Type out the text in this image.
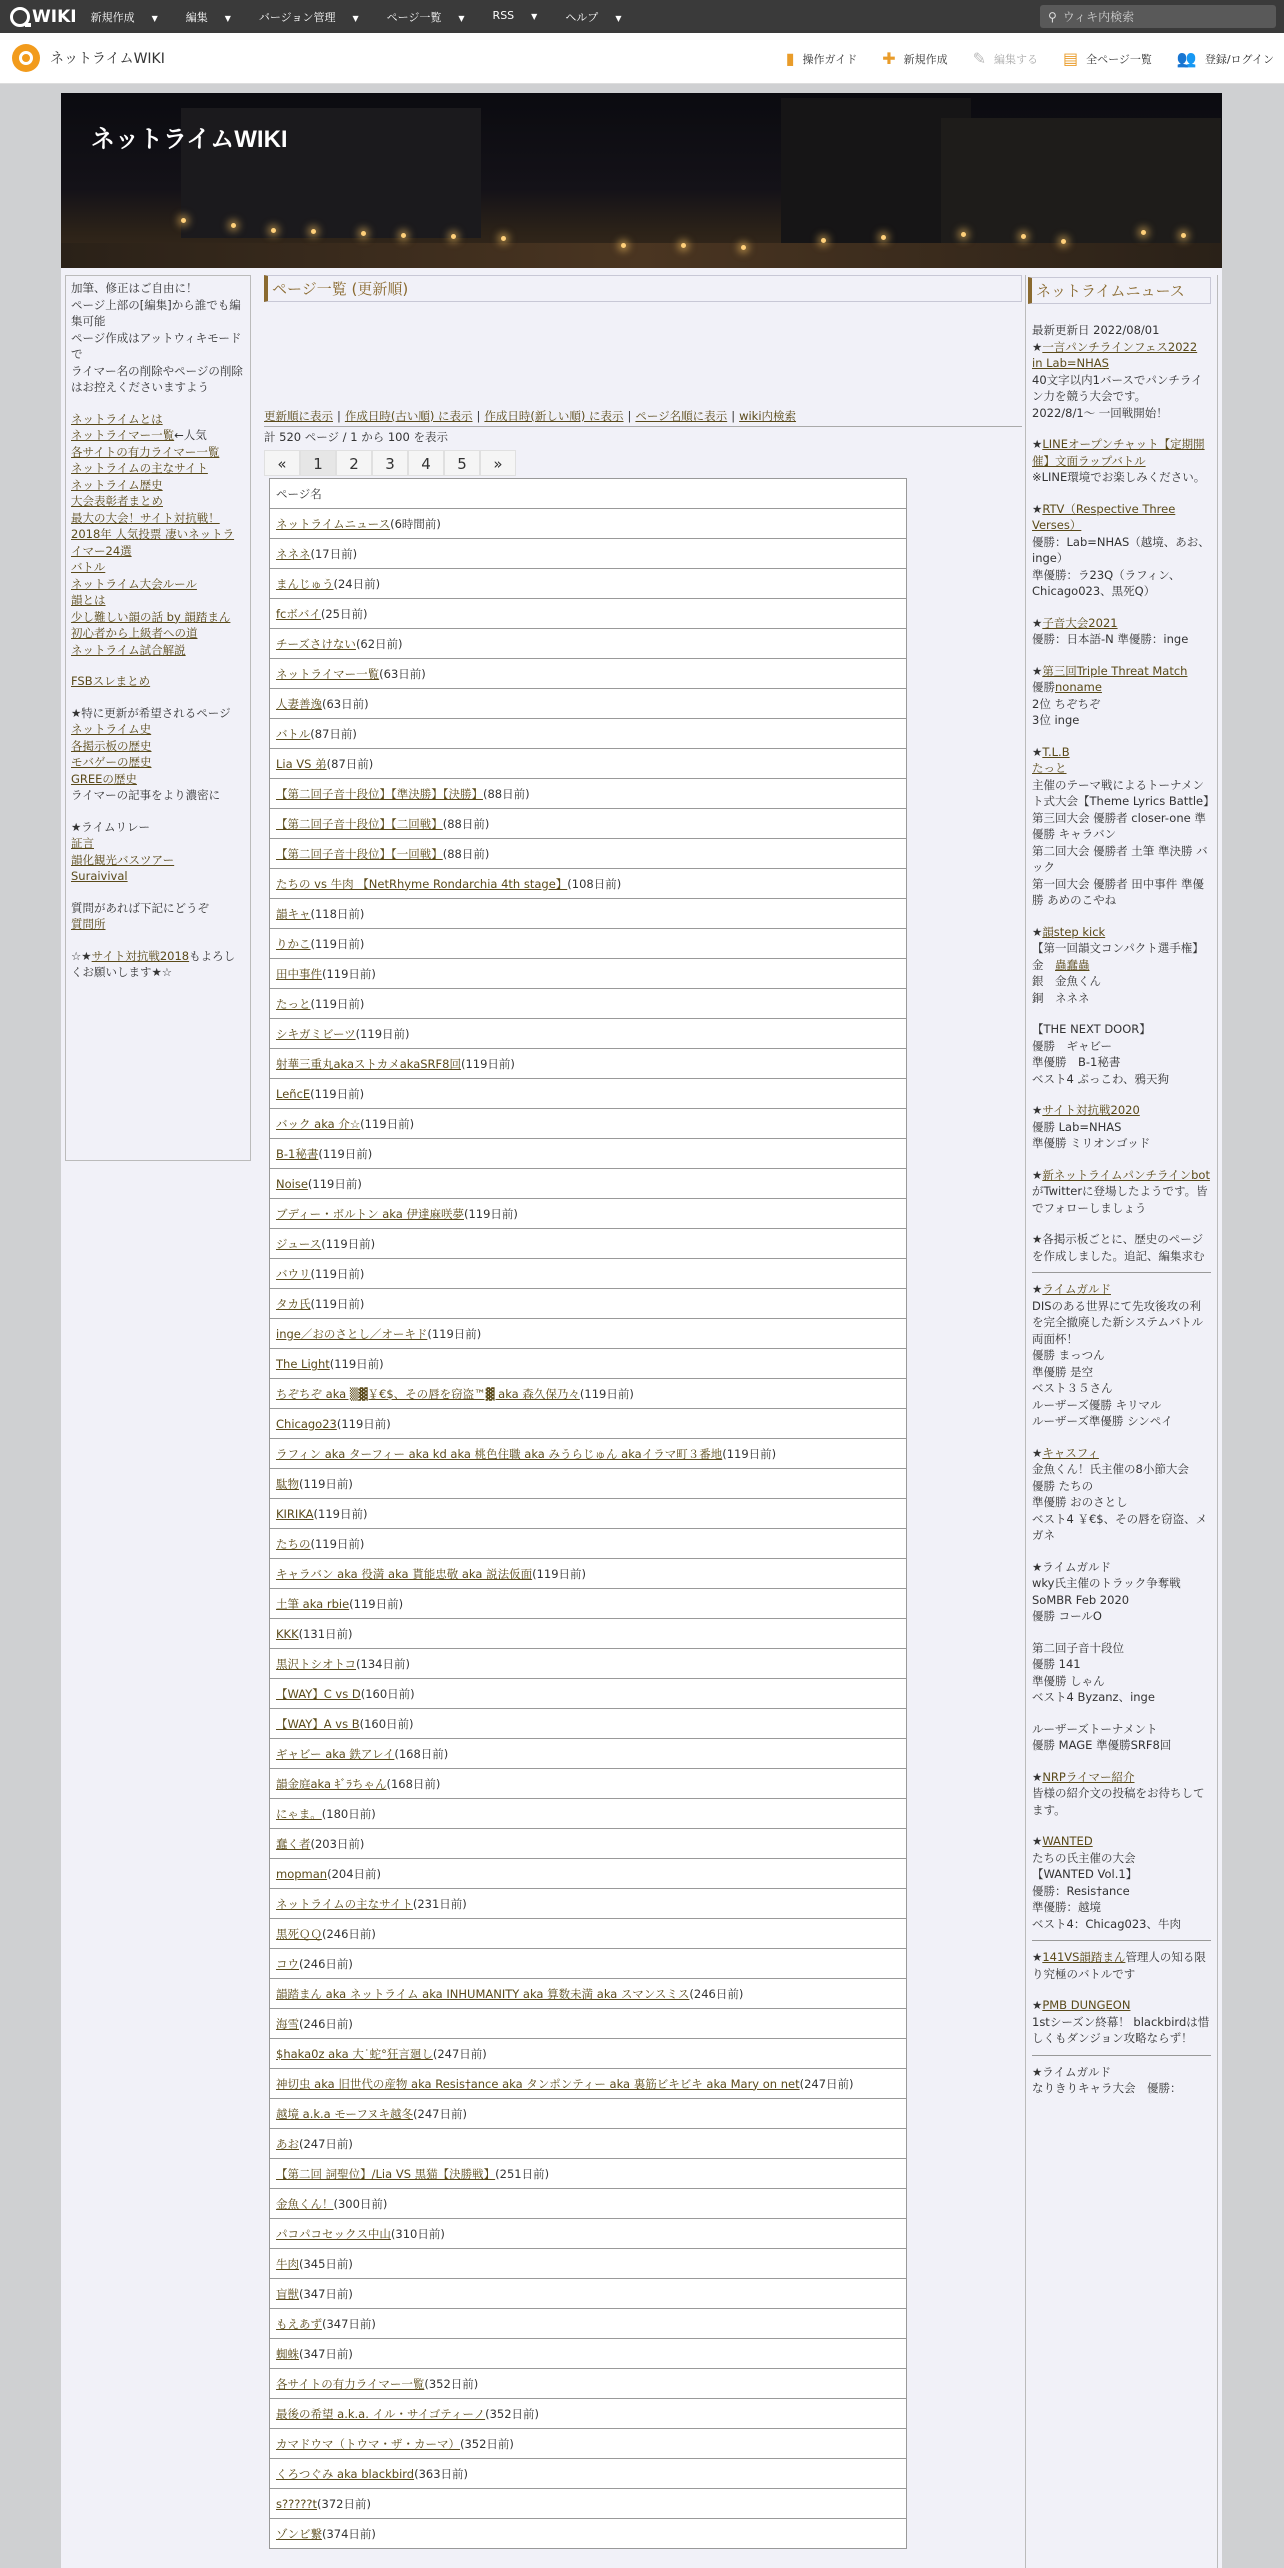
WIKI 新規作成 ▼	編集 ▼	バージョン管理 ▼	ページ一覧 ▼	RSS ▼	ヘルプ ▼	⚲
ウィキ内検索
ネットライムWIKI	▮ 操作ガイド ✚ 新規作成 ✎ 編集する ▤ 全ページ一覧 👥 登録/ログイン
ネットライムWIKI

加筆、修正はご自由に！

ページ上部の[編集]から誰でも編集可能

ページ作成はアットウィキモードで

ライマー名の削除やページの削除はお控えくださいますよう

ネットライムとは

ネットライマー一覧←人気

各サイトの有力ライマー一覧

ネットライムの主なサイト

ネットライム歴史

大会表彰者まとめ

最大の大会！サイト対抗戦！

2018年 人気投票 凄いネットライマー24選

バトル

ネットライム大会ルール

韻とは

少し難しい韻の話 by 韻踏まん

初心者から上級者への道

ネットライム試合解説

FSBスレまとめ

★特に更新が希望されるページ

ネットライム史

各掲示板の歴史

モバゲーの歴史

GREEの歴史

ライマーの記事をより濃密に

★ライムリレー

証言

韻化観光バスツアー

Suraivival

質問があれば下記にどうぞ

質問所

☆★サイト対抗戦2018もよろしくお願いします★☆

ページ一覧 (更新順)
更新順に表示 | 作成日時(古い順) に表示 | 作成日時(新しい順) に表示 | ページ名順に表示 | wiki内検索
計 520 ページ / 1 から 100 を表示
«	1	2	3	4	5	»
ページ名
ネットライムニュース(6時間前)
ネネネ(17日前)
まんじゅう(24日前)
fcボバイ(25日前)
チーズさけない(62日前)
ネットライマー一覧(63日前)
人妻善逸(63日前)
バトル(87日前)
Lia VS 弟(87日前)
【第二回子音十段位】【準決勝】【決勝】(88日前)
【第二回子音十段位】【二回戦】(88日前)
【第二回子音十段位】【一回戦】(88日前)
たちの vs 牛肉 【NetRhyme Rondarchia 4th stage】(108日前)
韻キャ(118日前)
りかこ(119日前)
田中事件(119日前)
たっと(119日前)
シキガミビーツ(119日前)
射華三重丸akaストカメakaSRF8回(119日前)
LeñcE(119日前)
バック aka 介☆(119日前)
B-1秘書(119日前)
Noise(119日前)
ブディー・ボルトン aka 伊達麻咲夢(119日前)
ジュース(119日前)
バウリ(119日前)
タカ氏(119日前)
inge／おのさとし／オーキド(119日前)
The Light(119日前)
ちぞちぞ aka ▒▓￥€$、その唇を窃盗™▓ aka 森久保乃々(119日前)
Chicago23(119日前)
ラフィン aka ターフィー aka kd aka 桃色住職 aka みうらじゅん akaイラマ町３番地(119日前)
駄物(119日前)
KIRIKA(119日前)
たちの(119日前)
キャラバン aka 役満 aka 貰能忠敬 aka 説法仮面(119日前)
土筆 aka rbie(119日前)
KKK(131日前)
黒沢トシオトコ(134日前)
【WAY】C vs D(160日前)
【WAY】A vs B(160日前)
ギャビー aka 鉄アレイ(168日前)
韻金庭aka ｷﾞﾗちゃん(168日前)
にゃま。(180日前)
蠢く者(203日前)
mopman(204日前)
ネットライムの主なサイト(231日前)
黒死ＱＱ(246日前)
コウ(246日前)
韻踏まん aka ネットライム aka INHUMANITY aka 算数未満 aka スマンスミス(246日前)
海雪(246日前)
$haka0z aka 大˙蛇°狂言廻し(247日前)
神切虫 aka 旧世代の産物 aka Resis†ance aka タンポンティー aka 裏筋ビキビキ aka Mary on net(247日前)
越境 a.k.a モーフヌキ越冬(247日前)
あお(247日前)
【第二回 詞聖位】/Lia VS 黒猫【決勝戦】(251日前)
金魚くん！(300日前)
パコパコセックス中山(310日前)
牛肉(345日前)
盲獣(347日前)
もえあず(347日前)
蜘蛛(347日前)
各サイトの有力ライマー一覧(352日前)
最後の希望 a.k.a. イル・サイゴティーノ(352日前)
カマドウマ（トウマ・ザ・カーマ）(352日前)
くろつぐみ aka blackbird(363日前)
s?????t(372日前)
ゾンビ繋(374日前)
ネットライムニュース
最新更新日 2022/08/01
★一言パンチラインフェス2022 in Lab=NHAS
40文字以内1バースでパンチライン力を競う大会です。
2022/8/1〜 一回戦開始！
★LINEオープンチャット【定期開催】文面ラップバトル
※LINE環境でお楽しみください。
★RTV（Respective Three Verses）
優勝：Lab=NHAS（越境、あお、inge）
準優勝：ラ23Q（ラフィン、Chicago023、黒死Q）
★子音大会2021
優勝：日本語-N 準優勝：inge
★第三回Triple Threat Match
優勝noname
2位 ちぞちぞ
3位 inge
★T.L.B
たっと
主催のテーマ戦によるトーナメント式大会【Theme Lyrics Battle】
第三回大会 優勝者 closer-one 準優勝 キャラバン
第二回大会 優勝者 土筆 準決勝 バック
第一回大会 優勝者 田中事件 準優勝 あめのこやね
★韻step kick
【第一回韻文コンパクト選手権】
金　蟲蠢蟲
銀　金魚くん
銅　ネネネ
【THE NEXT DOOR】
優勝　ギャビー
準優勝　B-1秘書
ベスト4 ぷっこわ、鴉天狗
★サイト対抗戦2020
優勝 Lab=NHAS
準優勝 ミリオンゴッド
★新ネットライムパンチラインbot
がTwitterに登場したようです。皆でフォローしましょう
★各掲示板ごとに、歴史のページを作成しました。追記、編集求む
★ライムガルド
DISのある世界にて先攻後攻の利を完全撤廃した新システムバトル
両面杯！
優勝 まっつん
準優勝 是空
ベスト３５さん
ルーザーズ優勝 キリマル
ルーザーズ準優勝 シンペイ
★キャスフィ
金魚くん！氏主催の8小節大会
優勝 たちの
準優勝 おのさとし
ベスト4 ￥€$、その唇を窃盗、メガネ
★ライムガルド
wky氏主催のトラック争奪戦SoMBR Feb 2020
優勝 コールO
第二回子音十段位
優勝 141
準優勝 しゃん
ベスト4 Byzanz、inge
ルーザーズトーナメント
優勝 MAGE 準優勝SRF8回
★NRPライマー紹介
皆様の紹介文の投稿をお待ちしてます。
★WANTED
たちの氏主催の大会
【WANTED Vol.1】
優勝：Resis†ance
準優勝：越境
ベスト4：Chicag023、牛肉
★141VS韻踏まん管理人の知る限り究極のバトルです
★PMB DUNGEON
1stシーズン終幕！ blackbirdは惜しくもダンジョン攻略ならず！
★ライムガルド
なりきりキャラ大会　優勝：
